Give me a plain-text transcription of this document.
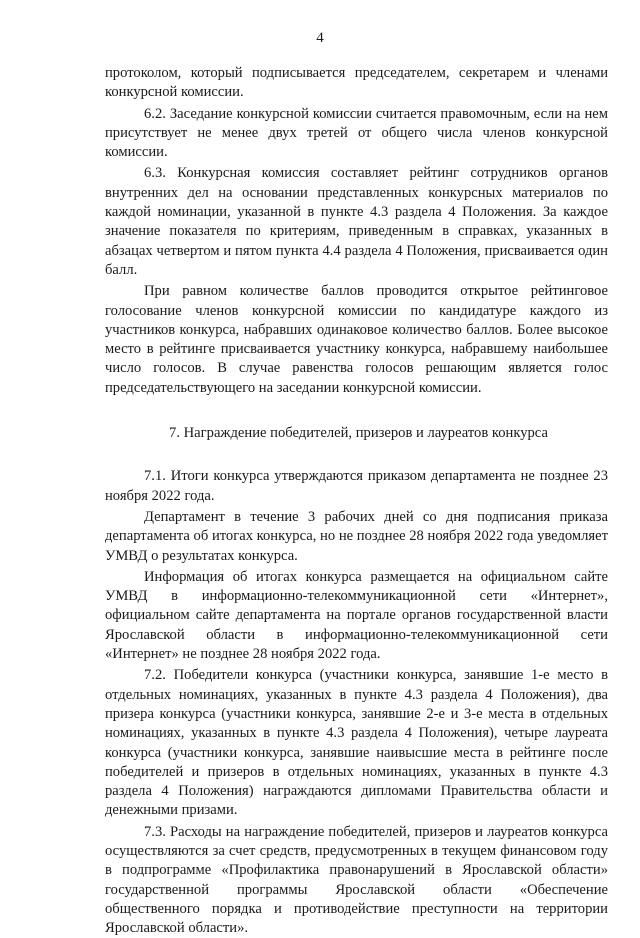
4

протоколом, который подписывается председателем, секретарем и членами конкурсной комиссии.

6.2. Заседание конкурсной комиссии считается правомочным, если на нем присутствует не менее двух третей от общего числа членов конкурсной комиссии.

6.3. Конкурсная комиссия составляет рейтинг сотрудников органов внутренних дел на основании представленных конкурсных материалов по каждой номинации, указанной в пункте 4.3 раздела 4 Положения. За каждое значение показателя по критериям, приведенным в справках, указанных в абзацах четвертом и пятом пункта 4.4 раздела 4 Положения, присваивается один балл.

При равном количестве баллов проводится открытое рейтинговое голосование членов конкурсной комиссии по кандидатуре каждого из участников конкурса, набравших одинаковое количество баллов. Более высокое место в рейтинге присваивается участнику конкурса, набравшему наибольшее число голосов. В случае равенства голосов решающим является голос председательствующего на заседании конкурсной комиссии.

7. Награждение победителей, призеров и лауреатов конкурса

7.1. Итоги конкурса утверждаются приказом департамента не позднее 23 ноября 2022 года.

Департамент в течение 3 рабочих дней со дня подписания приказа департамента об итогах конкурса, но не позднее 28 ноября 2022 года уведомляет УМВД о результатах конкурса.

Информация об итогах конкурса размещается на официальном сайте УМВД в информационно-телекоммуникационной сети «Интернет», официальном сайте департамента на портале органов государственной власти Ярославской области в информационно-телекоммуникационной сети «Интернет» не позднее 28 ноября 2022 года.

7.2. Победители конкурса (участники конкурса, занявшие 1-е место в отдельных номинациях, указанных в пункте 4.3 раздела 4 Положения), два призера конкурса (участники конкурса, занявшие 2-е и 3-е места в отдельных номинациях, указанных в пункте 4.3 раздела 4 Положения), четыре лауреата конкурса (участники конкурса, занявшие наивысшие места в рейтинге после победителей и призеров в отдельных номинациях, указанных в пункте 4.3 раздела 4 Положения) награждаются дипломами Правительства области и денежными призами.

7.3. Расходы на награждение победителей, призеров и лауреатов конкурса осуществляются за счет средств, предусмотренных в текущем финансовом году в подпрограмме «Профилактика правонарушений в Ярославской области» государственной программы Ярославской области «Обеспечение общественного порядка и противодействие преступности на территории Ярославской области».
